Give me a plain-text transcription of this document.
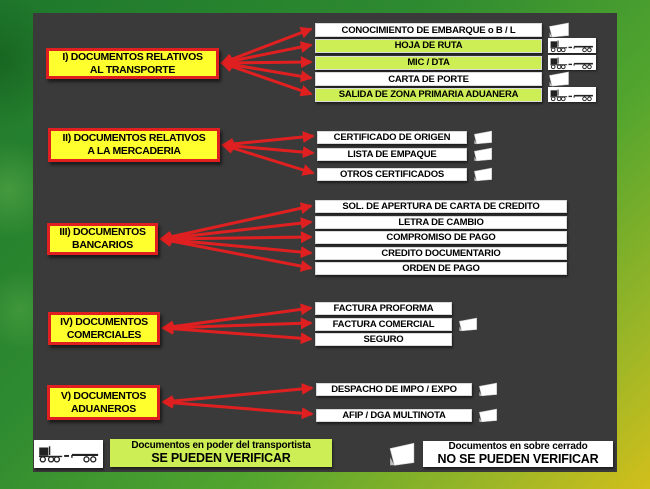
I) DOCUMENTOS RELATIVOS
AL TRANSPORTE
II) DOCUMENTOS RELATIVOS
A LA MERCADERIA
III) DOCUMENTOS
BANCARIOS
IV) DOCUMENTOS
COMERCIALES
V) DOCUMENTOS
ADUANEROS
CONOCIMIENTO DE EMBARQUE o B / L
HOJA DE RUTA
MIC / DTA
CARTA DE PORTE
SALIDA DE ZONA PRIMARIA ADUANERA
CERTIFICADO DE ORIGEN
LISTA DE EMPAQUE
OTROS CERTIFICADOS
SOL. DE APERTURA DE CARTA DE CREDITO
LETRA DE CAMBIO
COMPROMISO DE PAGO
CREDITO DOCUMENTARIO
ORDEN DE PAGO
FACTURA PROFORMA
FACTURA COMERCIAL
SEGURO
DESPACHO DE IMPO / EXPO
AFIP / DGA MULTINOTA
Documentos en poder del transportista
SE PUEDEN VERIFICAR
Documentos en sobre cerrado
NO SE PUEDEN VERIFICAR
